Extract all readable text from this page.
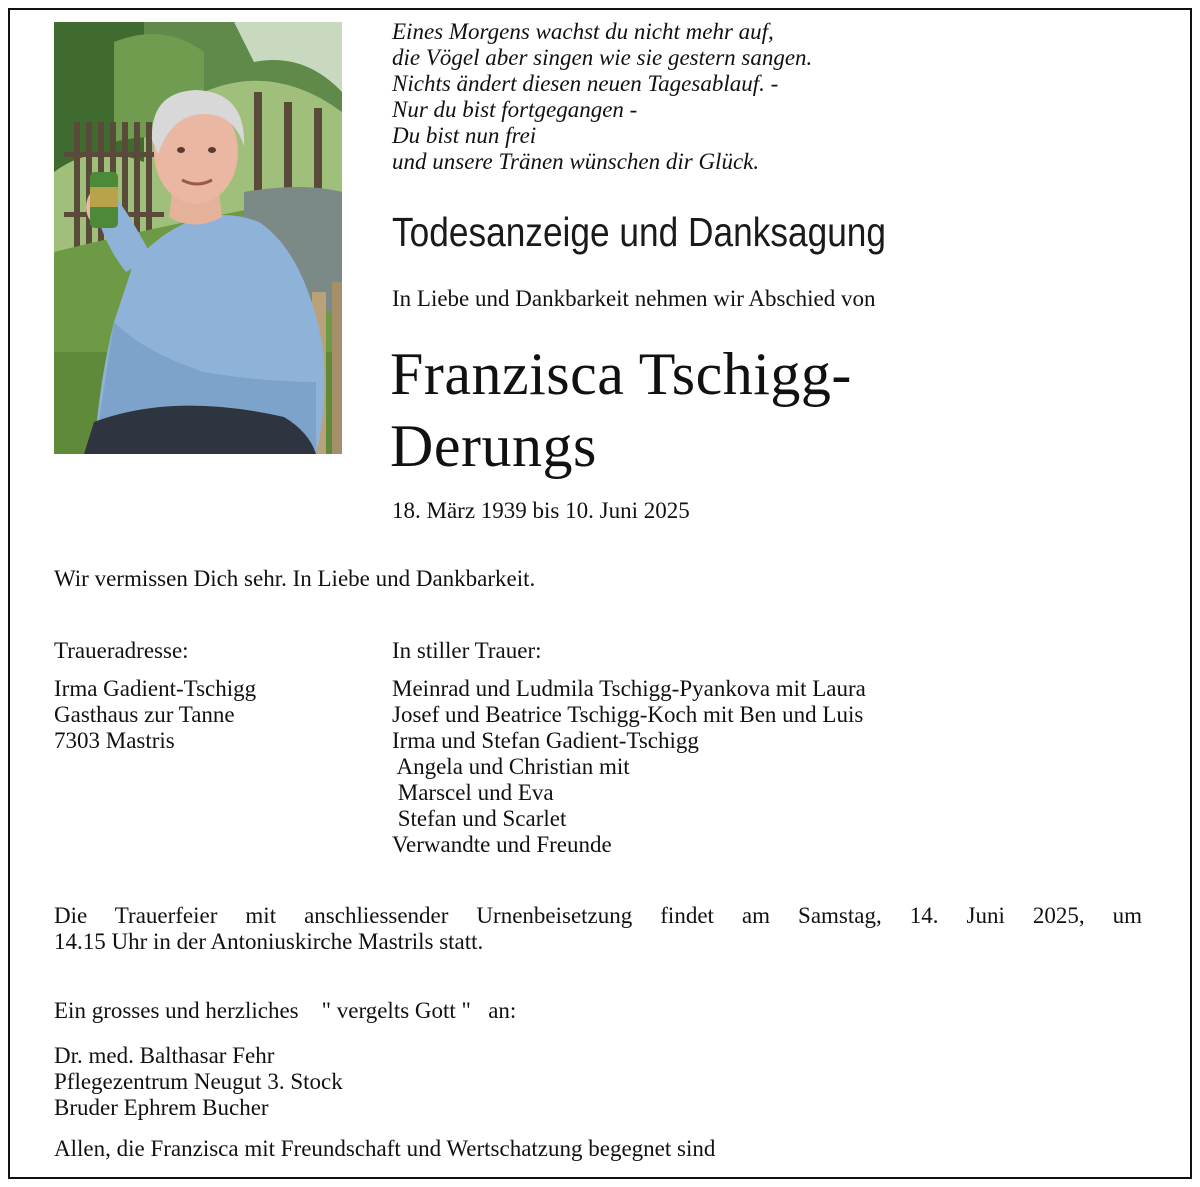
Eines Morgens wachst du nicht mehr auf,
die Vögel aber singen wie sie gestern sangen.
Nichts ändert diesen neuen Tagesablauf. -
Nur du bist fortgegangen -
Du bist nun frei
und unsere Tränen wünschen dir Glück.
Todesanzeige und Danksagung
In Liebe und Dankbarkeit nehmen wir Abschied von
Franzisca Tschigg-
Derungs
18. März 1939 bis 10. Juni 2025
Wir vermissen Dich sehr. In Liebe und Dankbarkeit.
Traueradresse:
Irma Gadient-Tschigg
Gasthaus zur Tanne
7303 Mastris
In stiller Trauer:
Meinrad und Ludmila Tschigg-Pyankova mit Laura
Josef und Beatrice Tschigg-Koch mit Ben und Luis
Irma und Stefan Gadient-Tschigg
Angela und Christian mit
Marscel und Eva
Stefan und Scarlet
Verwandte und Freunde
Die Trauerfeier mit anschliessender Urnenbeisetzung findet am Samstag, 14. Juni 2025, um
14.15 Uhr in der Antoniuskirche Mastrils statt.
Ein grosses und herzliches    " vergelts Gott "   an:
Dr. med. Balthasar Fehr
Pflegezentrum Neugut 3. Stock
Bruder Ephrem Bucher
Allen, die Franzisca mit Freundschaft und Wertschatzung begegnet sind
